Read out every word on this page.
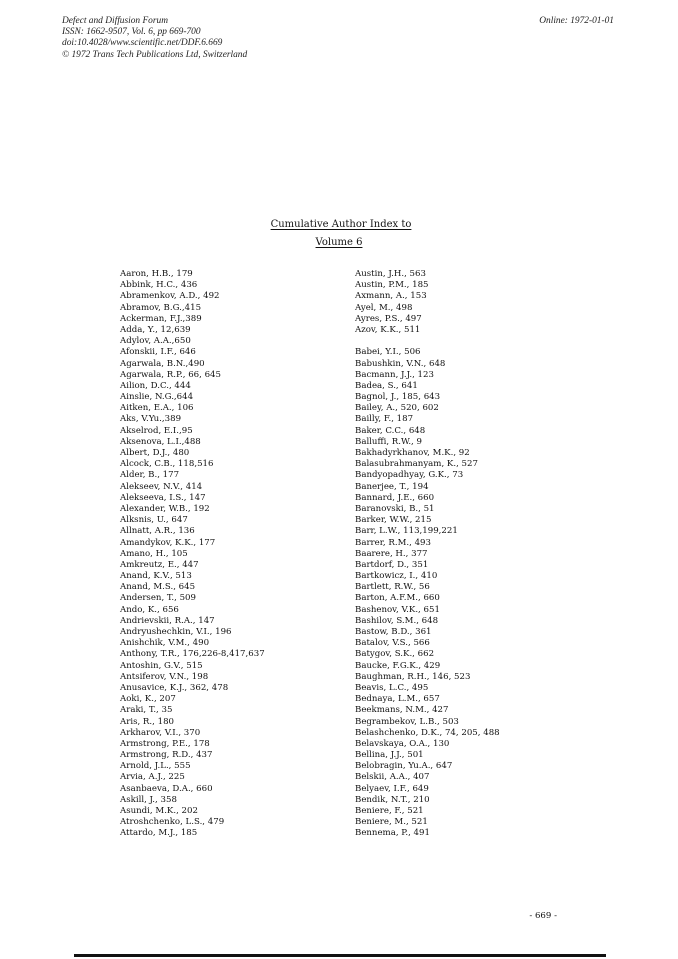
Defect and Diffusion Forum
ISSN: 1662-9507, Vol. 6, pp 669-700
doi:10.4028/www.scientific.net/DDF.6.669
© 1972 Trans Tech Publications Ltd, Switzerland
Online: 1972-01-01
Cumulative Author Index to
Volume 6
Aaron, H.B., 179
Abbink, H.C., 436
Abramenkov, A.D., 492
Abramov, B.G.,415
Ackerman, F.J.,389
Adda, Y., 12,639
Adylov, A.A.,650
Afonskii, I.F., 646
Agarwala, B.N.,490
Agarwala, R.P., 66, 645
Ailion, D.C., 444
Ainslie, N.G.,644
Aitken, E.A., 106
Aks, V.Yu.,389
Akselrod, E.I.,95
Aksenova, L.I.,488
Albert, D.J., 480
Alcock, C.B., 118,516
Alder, B., 177
Alekseev, N.V., 414
Alekseeva, I.S., 147
Alexander, W.B., 192
Alksnis, U., 647
Allnatt, A.R., 136
Amandykov, K.K., 177
Amano, H., 105
Amkreutz, E., 447
Anand, K.V., 513
Anand, M.S., 645
Andersen, T., 509
Ando, K., 656
Andrievskii, R.A., 147
Andryushechkin, V.I., 196
Anishchik, V.M., 490
Anthony, T.R., 176,226-8,417,637
Antoshin, G.V., 515
Antsiferov, V.N., 198
Anusavice, K.J., 362, 478
Aoki, K., 207
Araki, T., 35
Aris, R., 180
Arkharov, V.I., 370
Armstrong, P.E., 178
Armstrong, R.D., 437
Arnold, J.L., 555
Arvia, A.J., 225
Asanbaeva, D.A., 660
Askill, J., 358
Asundi, M.K., 202
Atroshchenko, L.S., 479
Attardo, M.J., 185
Austin, J.H., 563
Austin, P.M., 185
Axmann, A., 153
Ayel, M., 498
Ayres, P.S., 497
Azov, K.K., 511
Babei, Y.I., 506
Babushkin, V.N., 648
Bacmann, J.J., 123
Badea, S., 641
Bagnol, J., 185, 643
Bailey, A., 520, 602
Bailly, F., 187
Baker, C.C., 648
Balluffi, R.W., 9
Bakhadyrkhanov, M.K., 92
Balasubrahmanyam, K., 527
Bandyopadhyay, G.K., 73
Banerjee, T., 194
Bannard, J.E., 660
Baranovski, B., 51
Barker, W.W., 215
Barr, L.W., 113,199,221
Barrer, R.M., 493
Baarere, H., 377
Bartdorf, D., 351
Bartkowicz, I., 410
Bartlett, R.W., 56
Barton, A.F.M., 660
Bashenov, V.K., 651
Bashilov, S.M., 648
Bastow, B.D., 361
Batalov, V.S., 566
Batygov, S.K., 662
Baucke, F.G.K., 429
Baughman, R.H., 146, 523
Beavis, L.C., 495
Bednaya, L.M., 657
Beekmans, N.M., 427
Begrambekov, L.B., 503
Belashchenko, D.K., 74, 205, 488
Belavskaya, O.A., 130
Bellina, J.J., 501
Belobragin, Yu.A., 647
Belskii, A.A., 407
Belyaev, I.F., 649
Bendik, N.T., 210
Beniere, F., 521
Beniere, M., 521
Bennema, P., 491
- 669 -
